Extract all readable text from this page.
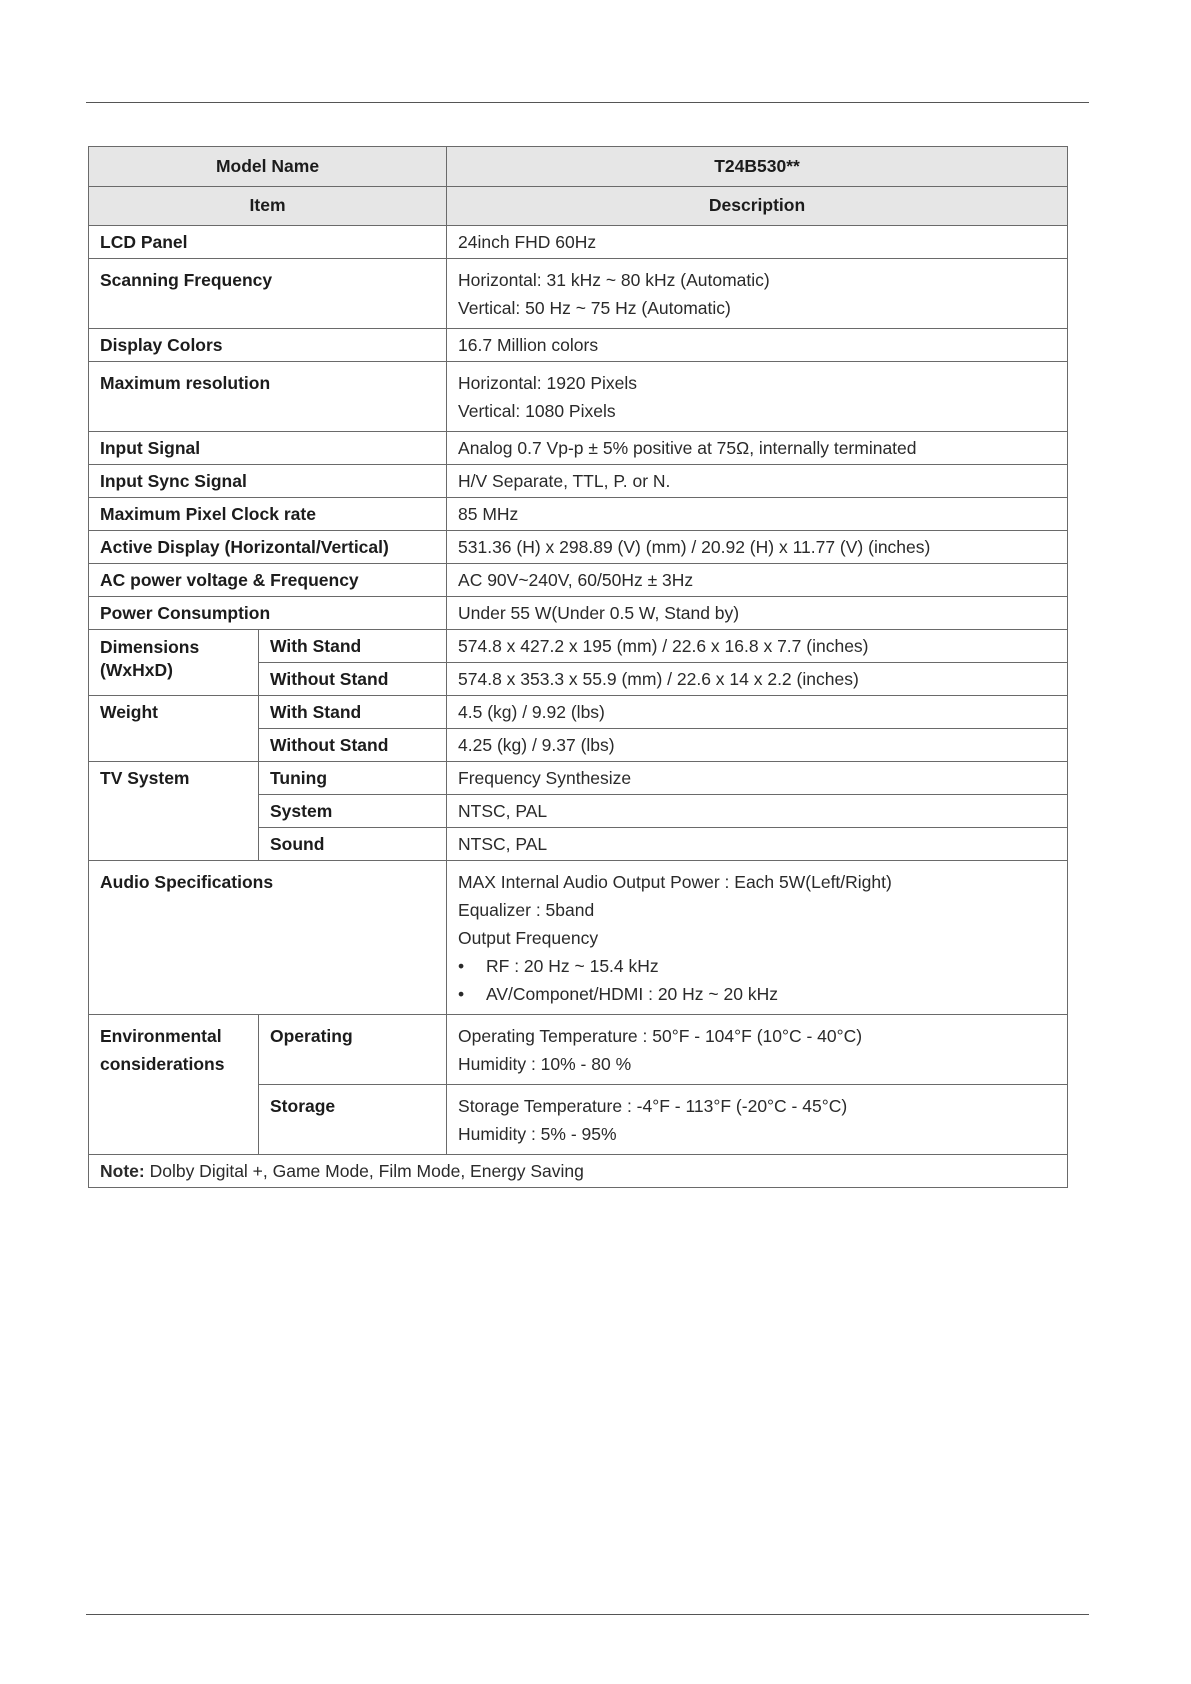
Model Name		T24B530**
Item		Description
LCD Panel		24inch FHD 60Hz
Scanning Frequency		Horizontal: 31 kHz ~ 80 kHz (Automatic)
Vertical: 50 Hz ~ 75 Hz (Automatic)

Display Colors		16.7 Million colors
Maximum resolution		Horizontal: 1920 Pixels
Vertical: 1080 Pixels

Input Signal		Analog 0.7 Vp-p ± 5% positive at 75Ω, internally terminated
Input Sync Signal		H/V Separate, TTL, P. or N.
Maximum Pixel Clock rate		85 MHz
Active Display (Horizontal/Vertical)		531.36 (H) x 298.89 (V) (mm) / 20.92 (H) x 11.77 (V) (inches)
AC power voltage & Frequency		AC 90V~240V, 60/50Hz ± 3Hz
Power Consumption		Under 55 W(Under 0.5 W, Stand by)
Dimensions (WxHxD)	With Stand	574.8 x 427.2 x 195 (mm) / 22.6 x 16.8 x 7.7 (inches)
	Without Stand	574.8 x 353.3 x 55.9 (mm) / 22.6 x 14 x 2.2 (inches)
Weight	With Stand	4.5 (kg) / 9.92 (lbs)
	Without Stand	4.25 (kg) / 9.37 (lbs)
TV System	Tuning	Frequency Synthesize
	System	NTSC, PAL
	Sound	NTSC, PAL
Audio Specifications		MAX Internal Audio Output Power : Each 5W(Left/Right)
Equalizer : 5band
Output Frequency
• RF : 20 Hz ~ 15.4 kHz
• AV/Componet/HDMI : 20 Hz ~ 20 kHz

Environmental
considerations	Operating	Operating Temperature : 50°F - 104°F (10°C - 40°C)
Humidity : 10% - 80 %

	Storage	Storage Temperature : -4°F - 113°F (-20°C - 45°C)
Humidity : 5% - 95%

Note: Dolby Digital +, Game Mode, Film Mode, Energy Saving		
